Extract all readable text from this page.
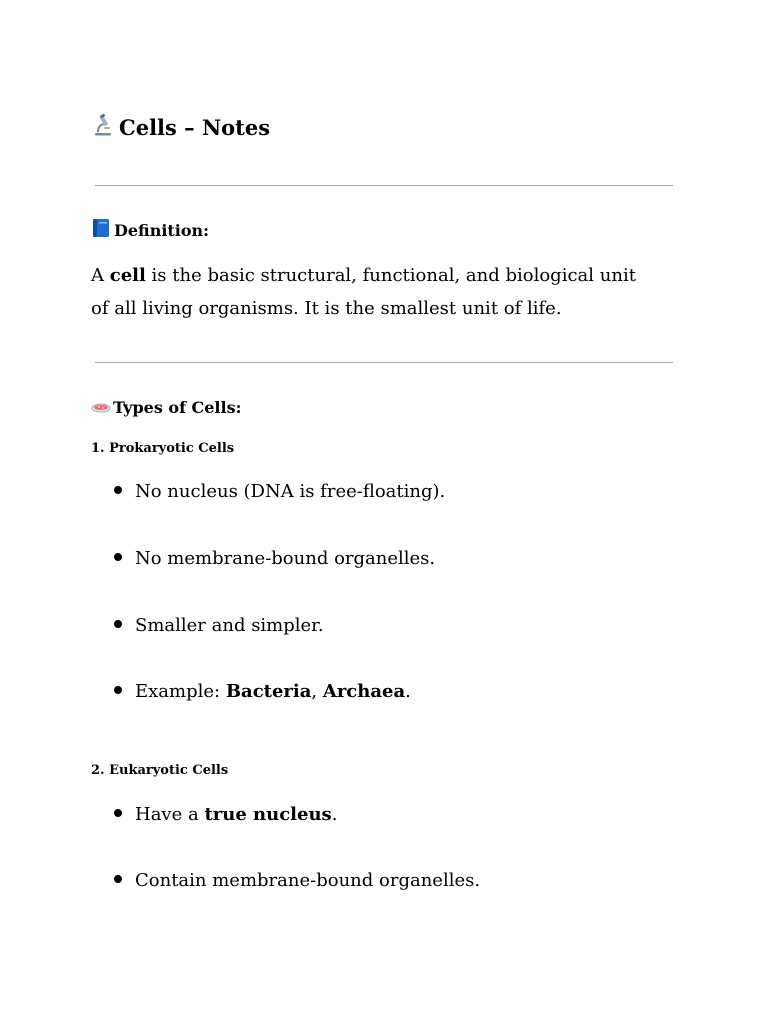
Cells – Notes
Definition:
A cell is the basic structural, functional, and biological unit of all living organisms. It is the smallest unit of life.
Types of Cells:
1. Prokaryotic Cells
No nucleus (DNA is free-floating).
No membrane-bound organelles.
Smaller and simpler.
Example: Bacteria, Archaea.
2. Eukaryotic Cells
Have a true nucleus.
Contain membrane-bound organelles.
